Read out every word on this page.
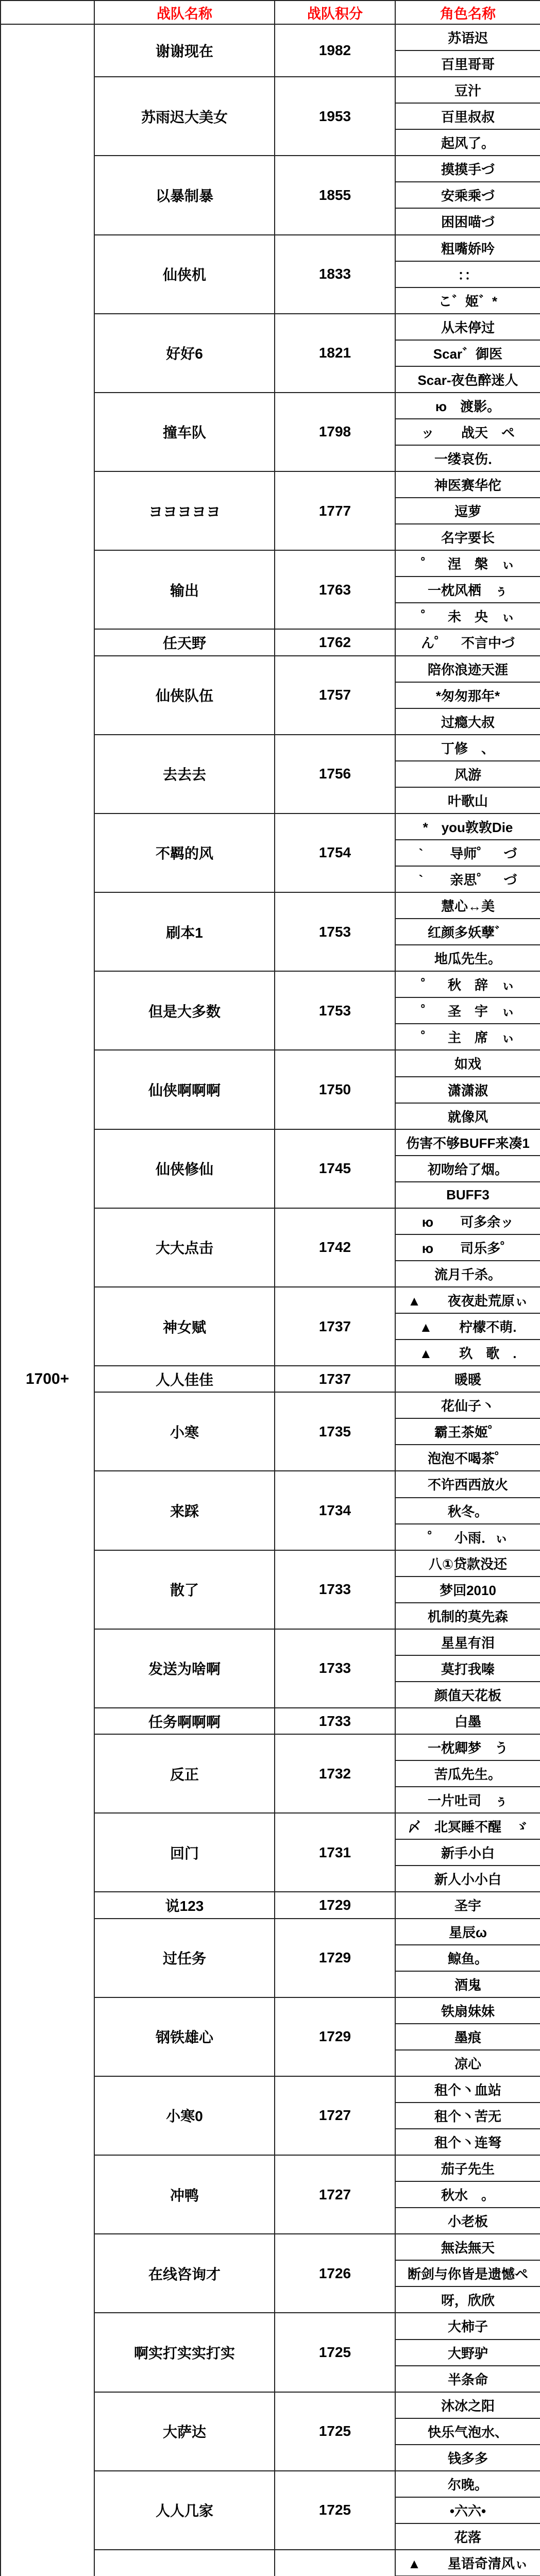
	战队名称	战队积分	角色名称
1700+	谢谢现在	1982	苏语迟
			百里哥哥
	苏雨迟大美女	1953	豆汁
			百里叔叔
			起风了。
	以暴制暴	1855	摸摸手づ
			安乘乘づ
			困困喵づ
	仙侠机	1833	粗嘴娇吟
			：：
			こ゛姬゛*
	好好6	1821	从未停过
			Scar゛御医
			Scar-夜色醉迷人
	撞车队	1798	ю　渡影。
			ッ　　战天　ペ
			一缕哀伤．
	ヨヨヨヨヨ	1777	神医赛华佗
			逗萝
			名字要长
	输出	1763	゜　涅　槃　ぃ
			一枕风栖　ぅ
			゜　未　央　ぃ
	任天野	1762	ん゜　不言中づ
	仙侠队伍	1757	陪你浪迹天涯
			*匆匆那年*
			过瘾大叔
	去去去	1756	丁修　、
			风游
			叶歌山
	不羁的风	1754	*　you敦敦Die
			`　　导师゜　づ
			`　　亲思゜　づ
	刷本1	1753	慧心↔美
			红颜多妖孽゛
			地瓜先生。
	但是大多数	1753	゜　秋　辞　ぃ
			゜　圣　宇　ぃ
			゜　主　席　ぃ
	仙侠啊啊啊	1750	如戏
			潇潇淑
			就像风
	仙侠修仙	1745	伤害不够BUFF来凑1
			初吻给了烟。
			BUFF3
	大大点击	1742	ю　　可多余ッ
			ю　　司乐多゜
			流月千杀。
	神女赋	1737	▲　　夜夜赴荒原ぃ
			▲　　柠檬不萌.
			▲　　玖　歌　.
	人人佳佳	1737	暖暖
	小寒	1735	花仙子丶
			霸王茶姬゜
			泡泡不喝茶゜
	来踩	1734	不许西西放火
			秋冬。
			゜　小雨．ぃ
	散了	1733	八①贷款没还
			梦回2010
			机制的莫先森
	发送为啥啊	1733	星星有泪
			莫打我嗪
			颜值天花板
	任务啊啊啊	1733	白墨
	反正	1732	一枕卿梦　う
			苦瓜先生。
			一片吐司　ぅ
	回门	1731	〆　北冥睡不醒　ゞ
			新手小白
			新人小小白
	说123	1729	圣宇
	过任务	1729	星辰ω
			鲸鱼。
			酒鬼
	钢铁雄心	1729	铁扇妹妹
			墨痕
			凉心
	小寒0	1727	租个丶血站
			租个丶苦无
			租个丶连弩
	冲鸭	1727	茄子先生
			秋水　。
			小老板
	在线咨询才	1726	無法無天
			断剑与你皆是遗憾ペ
			呀，欣欣
	啊实打实实打实	1725	大柿子
			大野驴
			半条命
	大萨达	1725	沐冰之阳
			快乐气泡水、
			钱多多
	人人几家	1725	尔晚。
			•六六•
			花落
		▲　　星语奇清风ぃ
